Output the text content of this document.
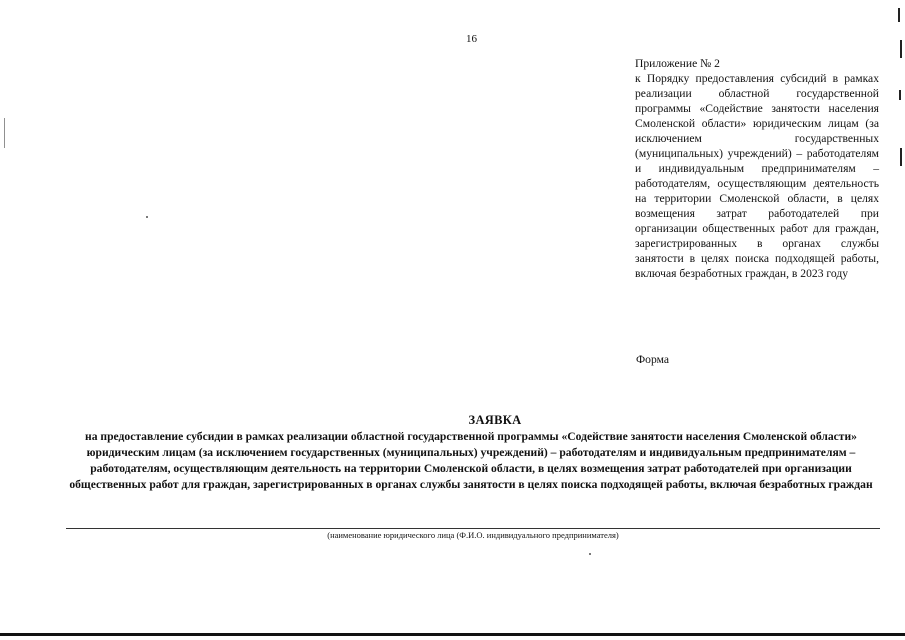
16
Приложение № 2
к Порядку предоставления субсидий в рамках реализации областной государственной программы «Содействие занятости населения Смоленской области» юридическим лицам (за исключением государственных (муниципальных) учреждений) – работодателям и индивидуальным предпринимателям – работодателям, осуществляющим деятельность на территории Смоленской области, в целях возмещения затрат работодателей при организации общественных работ для граждан, зарегистрированных в органах службы занятости в целях поиска подходящей работы, включая безработных граждан, в 2023 году
Форма
ЗАЯВКА
на предоставление субсидии в рамках реализации областной государственной программы «Содействие занятости населения Смоленской области» юридическим лицам (за исключением государственных (муниципальных) учреждений) – работодателям и индивидуальным предпринимателям – работодателям, осуществляющим деятельность на территории Смоленской области, в целях возмещения затрат работодателей при организации общественных работ для граждан, зарегистрированных в органах службы занятости в целях поиска подходящей работы, включая безработных граждан
(наименование юридического лица (Ф.И.О. индивидуального предпринимателя)
